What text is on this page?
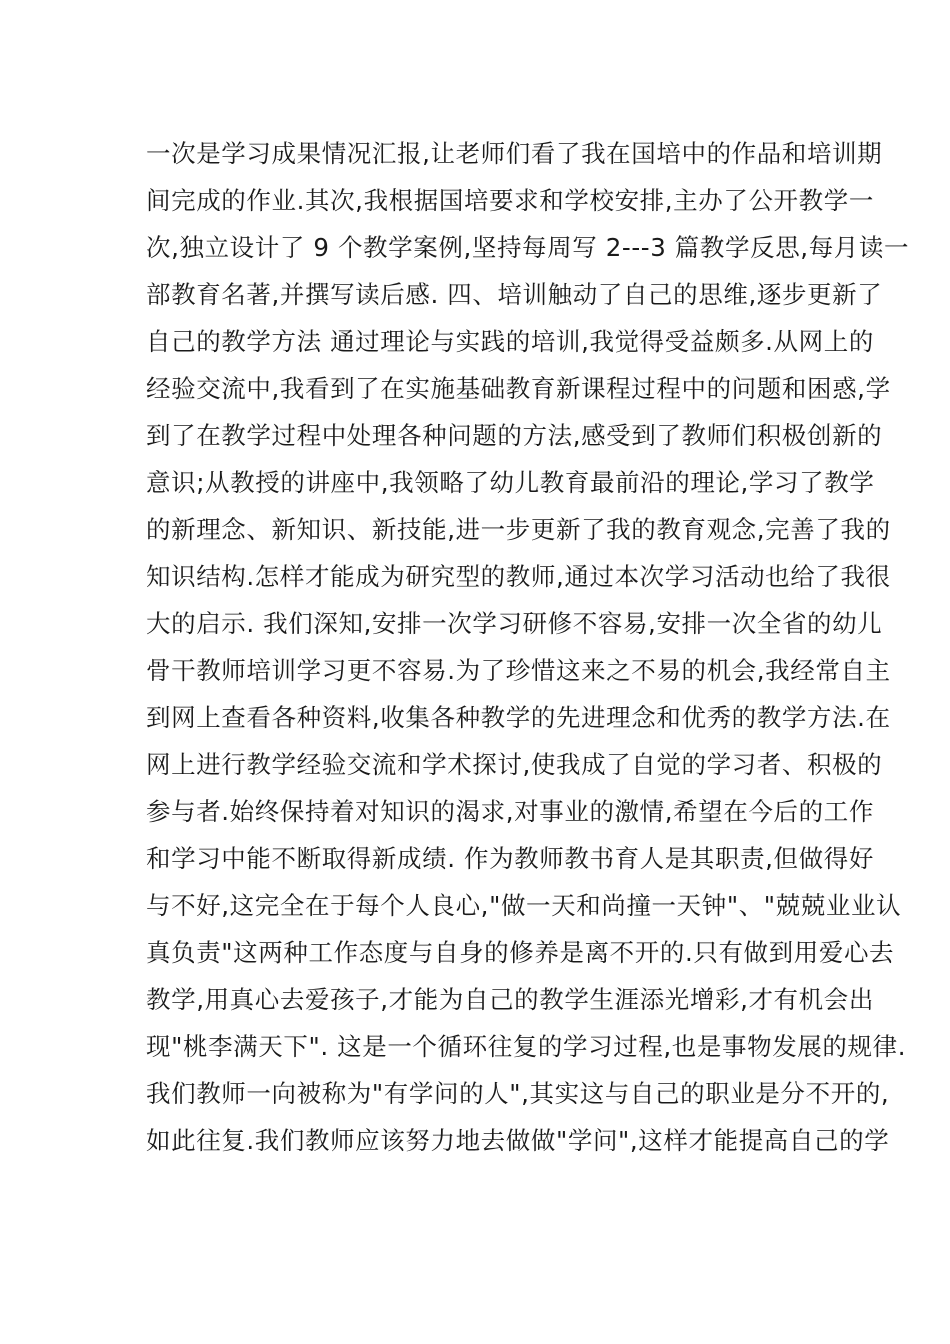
一次是学习成果情况汇报,让老师们看了我在国培中的作品和培训期
间完成的作业.其次,我根据国培要求和学校安排,主办了公开教学一
次,独立设计了 9 个教学案例,坚持每周写 2---3 篇教学反思,每月读一
部教育名著,并撰写读后感. 四、培训触动了自己的思维,逐步更新了
自己的教学方法 通过理论与实践的培训,我觉得受益颇多.从网上的
经验交流中,我看到了在实施基础教育新课程过程中的问题和困惑,学
到了在教学过程中处理各种问题的方法,感受到了教师们积极创新的
意识;从教授的讲座中,我领略了幼儿教育最前沿的理论,学习了教学
的新理念、新知识、新技能,进一步更新了我的教育观念,完善了我的
知识结构.怎样才能成为研究型的教师,通过本次学习活动也给了我很
大的启示. 我们深知,安排一次学习研修不容易,安排一次全省的幼儿
骨干教师培训学习更不容易.为了珍惜这来之不易的机会,我经常自主
到网上查看各种资料,收集各种教学的先进理念和优秀的教学方法.在
网上进行教学经验交流和学术探讨,使我成了自觉的学习者、积极的
参与者.始终保持着对知识的渴求,对事业的激情,希望在今后的工作
和学习中能不断取得新成绩. 作为教师教书育人是其职责,但做得好
与不好,这完全在于每个人良心,"做一天和尚撞一天钟"、"兢兢业业认
真负责"这两种工作态度与自身的修养是离不开的.只有做到用爱心去
教学,用真心去爱孩子,才能为自己的教学生涯添光增彩,才有机会出
现"桃李满天下". 这是一个循环往复的学习过程,也是事物发展的规律.
我们教师一向被称为"有学问的人",其实这与自己的职业是分不开的,
如此往复.我们教师应该努力地去做做"学问",这样才能提高自己的学
